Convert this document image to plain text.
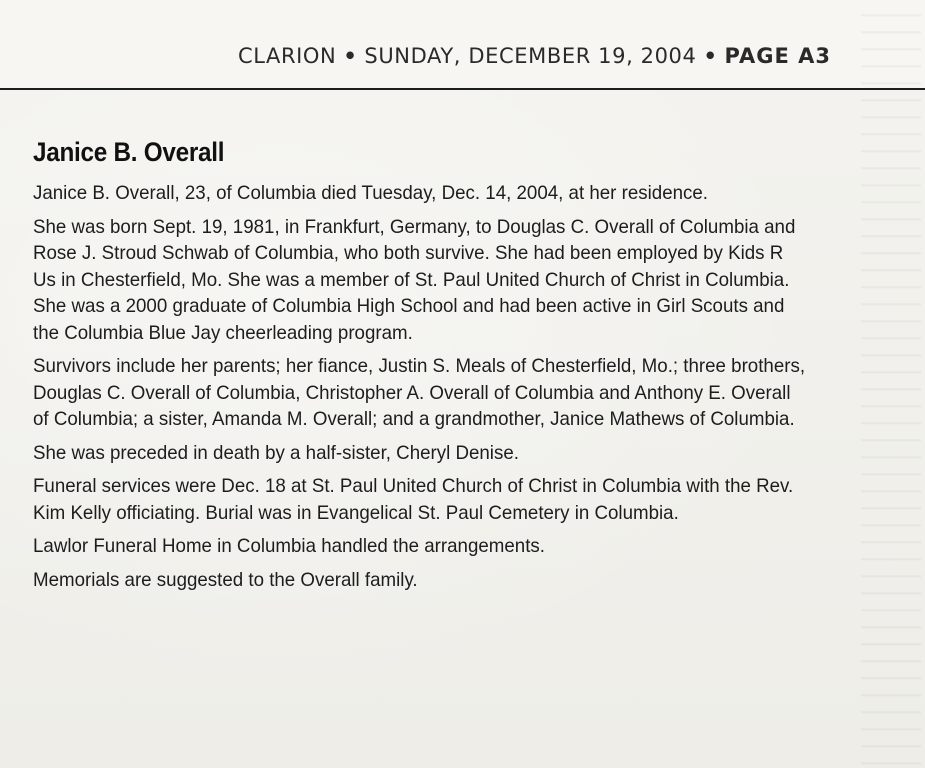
CLARION • SUNDAY, DECEMBER 19, 2004 • PAGE A3
Janice B. Overall

Janice B. Overall, 23, of Columbia died Tuesday, Dec. 14, 2004, at her residence.

She was born Sept. 19, 1981, in Frankfurt, Germany, to Douglas C. Overall of Columbia and Rose J. Stroud Schwab of Columbia, who both survive. She had been employed by Kids R Us in Chesterfield, Mo. She was a member of St. Paul United Church of Christ in Columbia. She was a 2000 graduate of Columbia High School and had been active in Girl Scouts and the Columbia Blue Jay cheerleading program.

Survivors include her parents; her fiance, Justin S. Meals of Chesterfield, Mo.; three brothers, Douglas C. Overall of Columbia, Christopher A. Overall of Columbia and Anthony E. Overall of Columbia; a sister, Amanda M. Overall; and a grandmother, Janice Mathews of Columbia.

She was preceded in death by a half-sister, Cheryl Denise.

Funeral services were Dec. 18 at St. Paul United Church of Christ in Columbia with the Rev. Kim Kelly officiating. Burial was in Evangelical St. Paul Cemetery in Columbia.

Lawlor Funeral Home in Columbia handled the arrangements.

Memorials are suggested to the Overall family.
